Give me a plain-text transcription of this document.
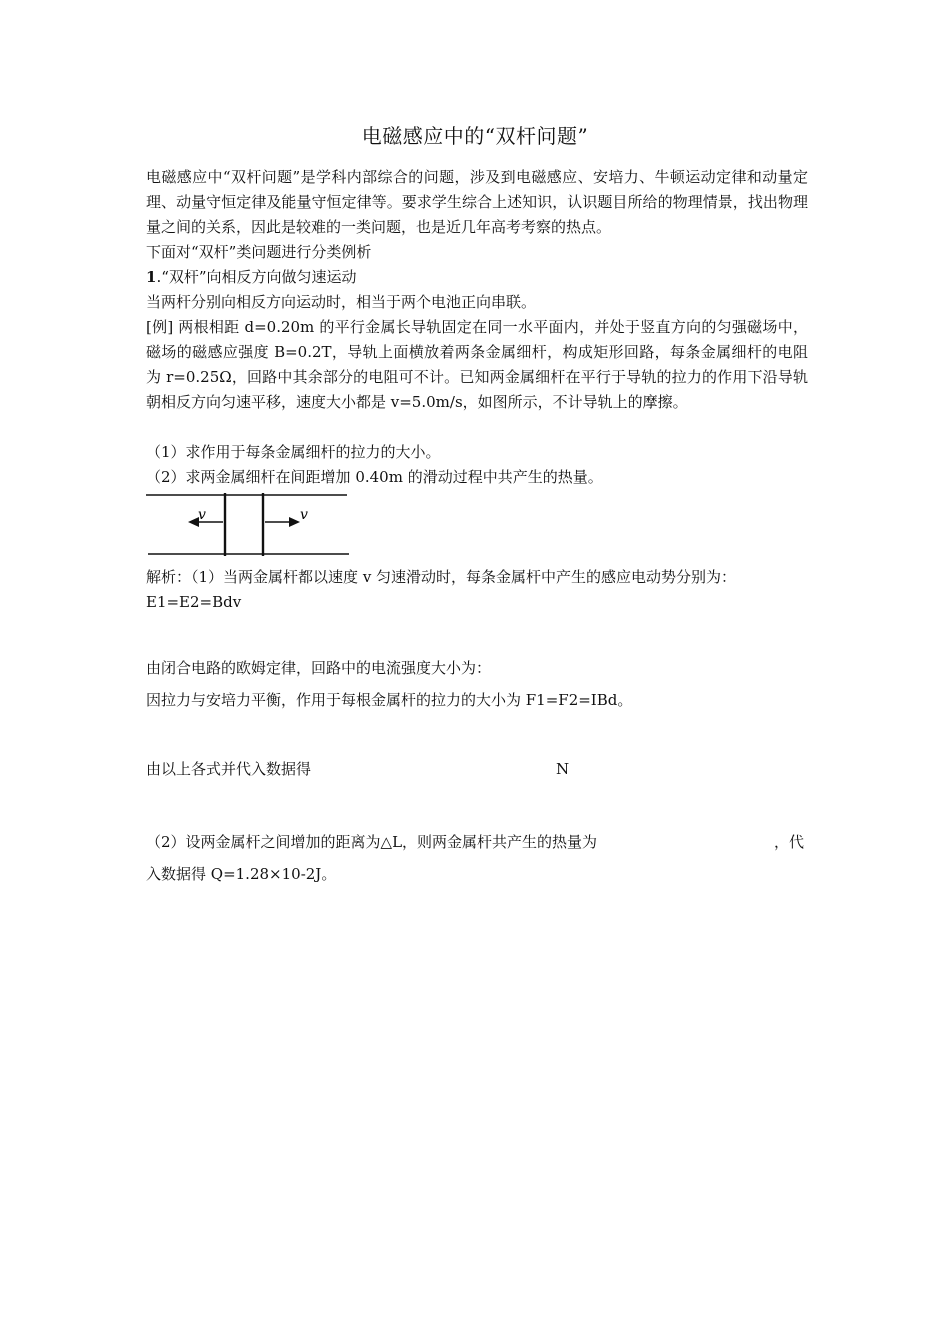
电磁感应中的“双杆问题”
电磁感应中“双杆问题”是学科内部综合的问题，涉及到电磁感应、安培力、牛顿运动定律和动量定理、动量守恒定律及能量守恒定律等。要求学生综合上述知识，认识题目所给的物理情景，找出物理量之间的关系，因此是较难的一类问题，也是近几年高考考察的热点。
下面对“双杆”类问题进行分类例析
1.“双杆”向相反方向做匀速运动
当两杆分别向相反方向运动时，相当于两个电池正向串联。
[例] 两根相距 d=0.20m 的平行金属长导轨固定在同一水平面内，并处于竖直方向的匀强磁场中，磁场的磁感应强度 B=0.2T，导轨上面横放着两条金属细杆，构成矩形回路，每条金属细杆的电阻为 r=0.25Ω，回路中其余部分的电阻可不计。已知两金属细杆在平行于导轨的拉力的作用下沿导轨朝相反方向匀速平移，速度大小都是 v=5.0m/s，如图所示，不计导轨上的摩擦。
（1）求作用于每条金属细杆的拉力的大小。
（2）求两金属细杆在间距增加 0.40m 的滑动过程中共产生的热量。
v	v
解析：（1）当两金属杆都以速度 v 匀速滑动时，每条金属杆中产生的感应电动势分别为：
E1=E2=Bdv
由闭合电路的欧姆定律，回路中的电流强度大小为：
因拉力与安培力平衡，作用于每根金属杆的拉力的大小为 F1=F2=IBd。
由以上各式并代入数据得	N
（2）设两金属杆之间增加的距离为△L，则两金属杆共产生的热量为	，代
入数据得 Q=1.28×10-2J。
